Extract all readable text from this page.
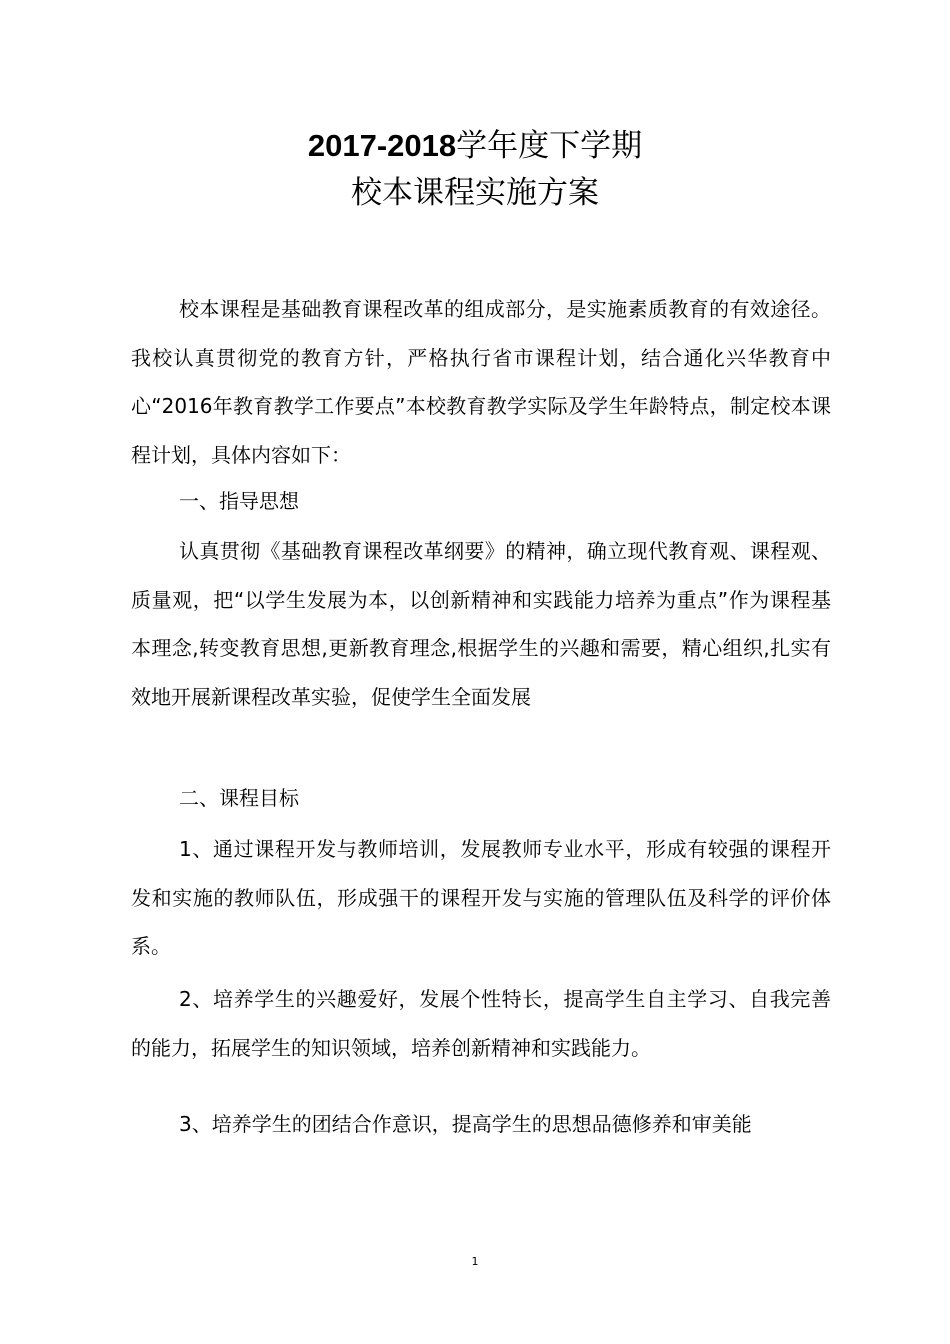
2017-2018学年度下学期
校本课程实施方案

校本课程是基础教育课程改革的组成部分，是实施素质教育的有效途径。我校认真贯彻党的教育方针，严格执行省市课程计划，结合通化兴华教育中心“2016年教育教学工作要点”本校教育教学实际及学生年龄特点，制定校本课程计划，具体内容如下：

一、指导思想

认真贯彻《基础教育课程改革纲要》的精神，确立现代教育观、课程观、质量观，把“以学生发展为本，以创新精神和实践能力培养为重点”作为课程基本理念,转变教育思想,更新教育理念,根据学生的兴趣和需要，精心组织,扎实有效地开展新课程改革实验，促使学生全面发展

二、课程目标

1、通过课程开发与教师培训，发展教师专业水平，形成有较强的课程开发和实施的教师队伍，形成强干的课程开发与实施的管理队伍及科学的评价体系。

2、培养学生的兴趣爱好，发展个性特长，提高学生自主学习、自我完善的能力，拓展学生的知识领域，培养创新精神和实践能力。

3、培养学生的团结合作意识，提高学生的思想品德修养和审美能

1
